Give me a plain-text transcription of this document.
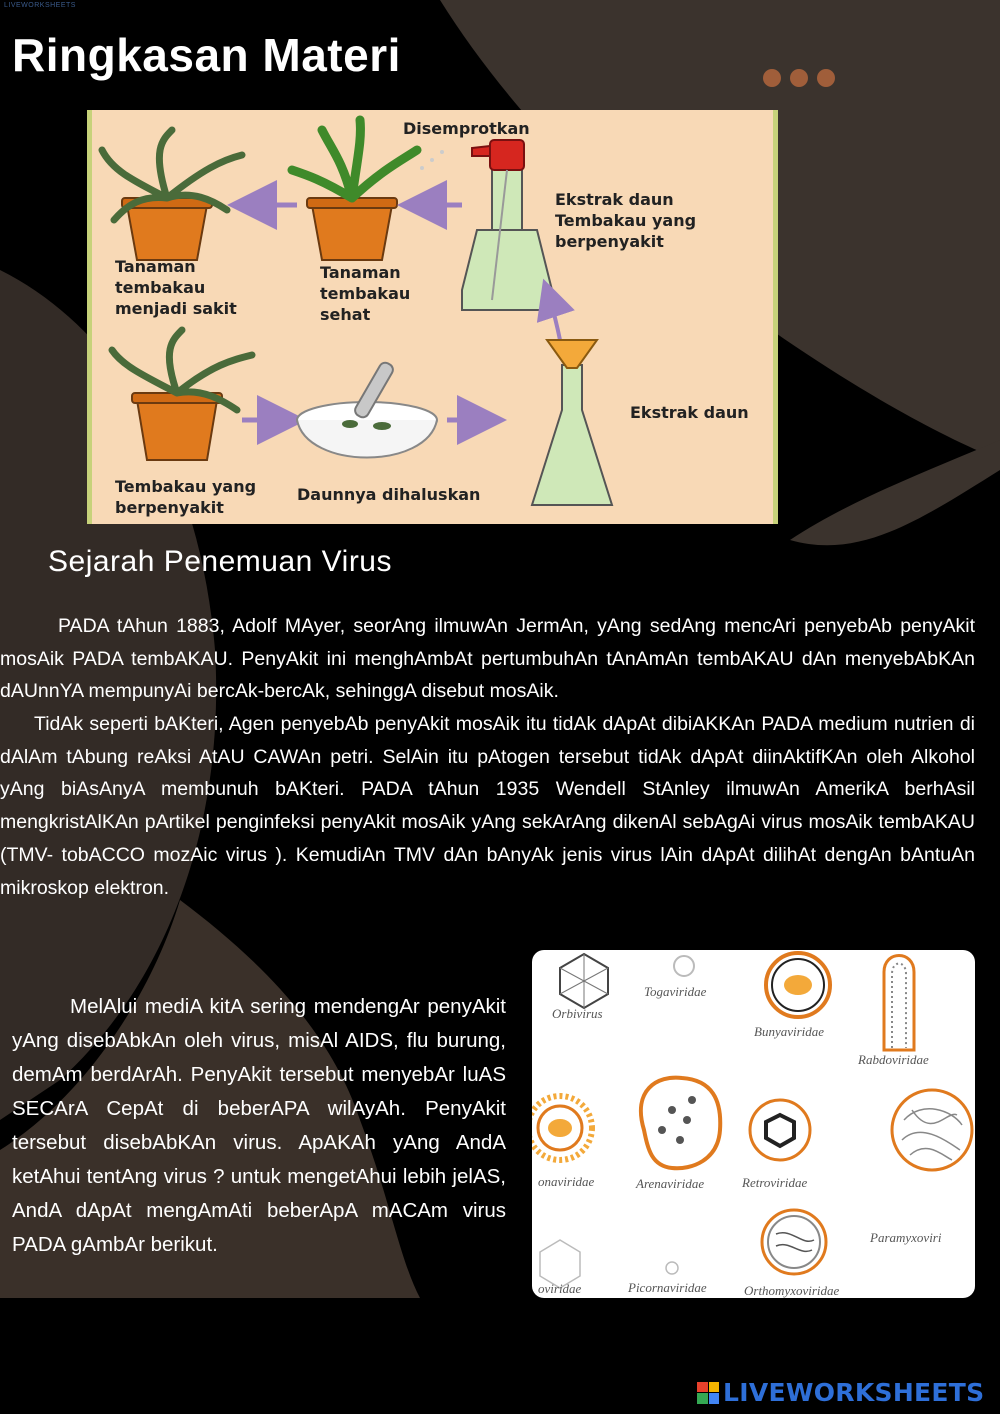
LIVEWORKSHEETS
Ringkasan Materi
Disemprotkan
Ekstrak daun
Tembakau yang
berpenyakit
Tanaman
tembakau
menjadi sakit
Tanaman
tembakau
sehat
Ekstrak daun
Tembakau yang
berpenyakit
Daunnya dihaluskan
Sejarah Penemuan Virus

PADA tAhun 1883, Adolf MAyer, seorAng ilmuwAn JermAn, yAng sedAng mencAri penyebAb penyAkit mosAik PADA tembAKAU. PenyAkit ini menghAmbAt pertumbuhAn tAnAmAn tembAKAU dAn menyebAbKAn dAUnnYA mempunyAi bercAk-bercAk, sehinggA disebut mosAik.

TidAk seperti bAKteri, Agen penyebAb penyAkit mosAik itu tidAk dApAt dibiAKKAn PADA medium nutrien di dAlAm tAbung reAksi AtAU CAWAn petri. SelAin itu pAtogen tersebut tidAk dApAt diinAktifKAn oleh Alkohol yAng biAsAnyA membunuh bAKteri. PADA tAhun 1935 Wendell StAnley ilmuwAn AmerikA berhAsil mengkristAlKAn pArtikel penginfeksi penyAkit mosAik yAng sekArAng dikenAl sebAgAi virus mosAik tembAKAU (TMV- tobACCO mozAic virus ). KemudiAn TMV dAn bAnyAk jenis virus lAin dApAt dilihAt dengAn bAntuAn mikroskop elektron.

MelAlui mediA kitA sering mendengAr penyAkit yAng disebAbkAn oleh virus, misAl AIDS, flu burung, demAm berdArAh. PenyAkit tersebut menyebAr luAS SECArA CepAt di beberAPA wilAyAh. PenyAkit tersebut disebAbKAn virus. ApAKAh yAng AndA ketAhui tentAng virus ? untuk mengetAhui lebih jelAS, AndA dApAt mengAmAti beberApA mACAm virus PADA gAmbAr berikut.

Orbivirus
Togaviridae
Bunyaviridae
Rabdoviridae
onaviridae	Arenaviridae	Retroviridae
Paramyxoviri
oviridae	Picornaviridae	Orthomyxoviridae
LIVEWORKSHEETS
